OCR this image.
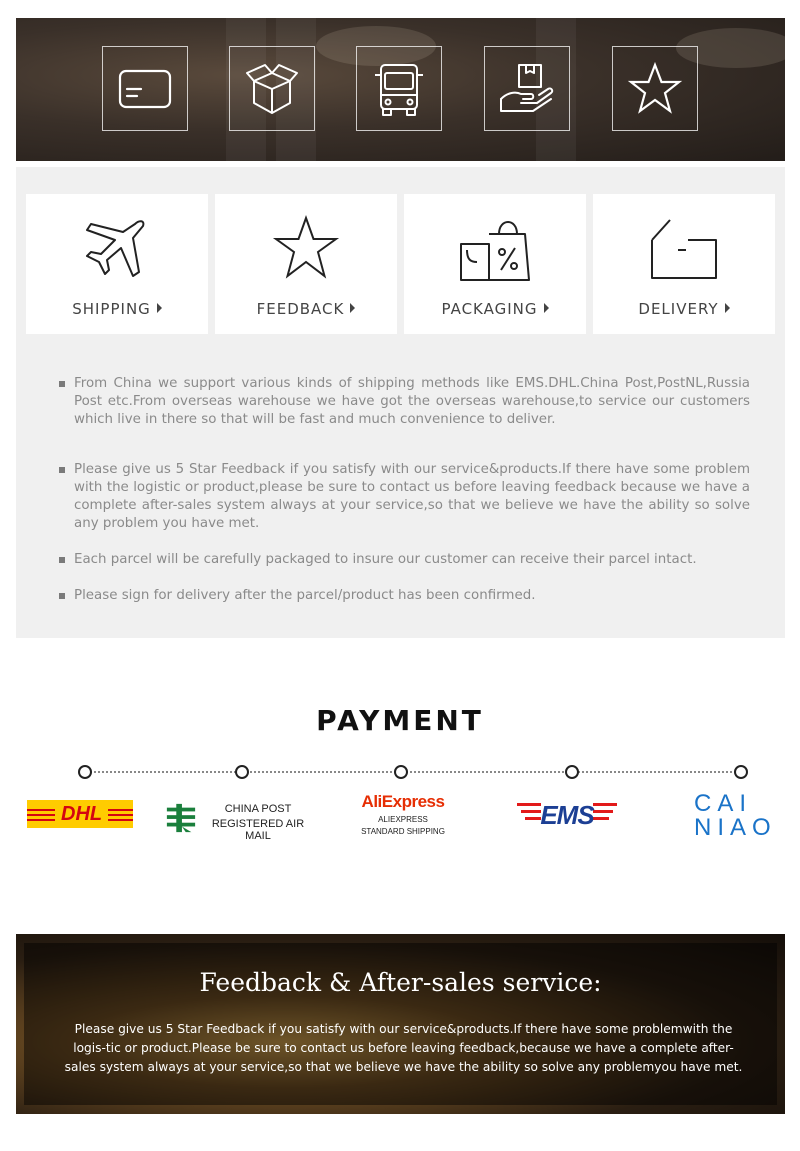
SHIPPING	FEEDBACK	PACKAGING	DELIVERY
From China we support various kinds of shipping methods like EMS.DHL.China Post,PostNL,Russia Post etc.From overseas warehouse we have got the overseas warehouse,to service our customers which live in there so that will be fast and much convenience to deliver.
Please give us 5 Star Feedback if you satisfy with our service&products.If there have some problem with the logistic or product,please be sure to contact us before leaving feedback because we have a complete after-sales system always at your service,so that we believe we have the ability so solve any problem you have met.
Each parcel will be carefully packaged to insure our customer can receive their parcel intact.
Please sign for delivery after the parcel/product has been confirmed.
PAYMENT
DHL	CHINA POST
REGISTERED AIR MAIL
AliExpress
ALIEXPRESS
STANDARD SHIPPING
EMS	CAI
NIAO
Feedback & After-sales service:
Please give us 5 Star Feedback if you satisfy with our service&products.If there have some problemwith the logis-tic or product.Please be sure to contact us before leaving feedback,because we have a complete after-sales system always at your service,so that we believe we have the ability so solve any problemyou have met.
